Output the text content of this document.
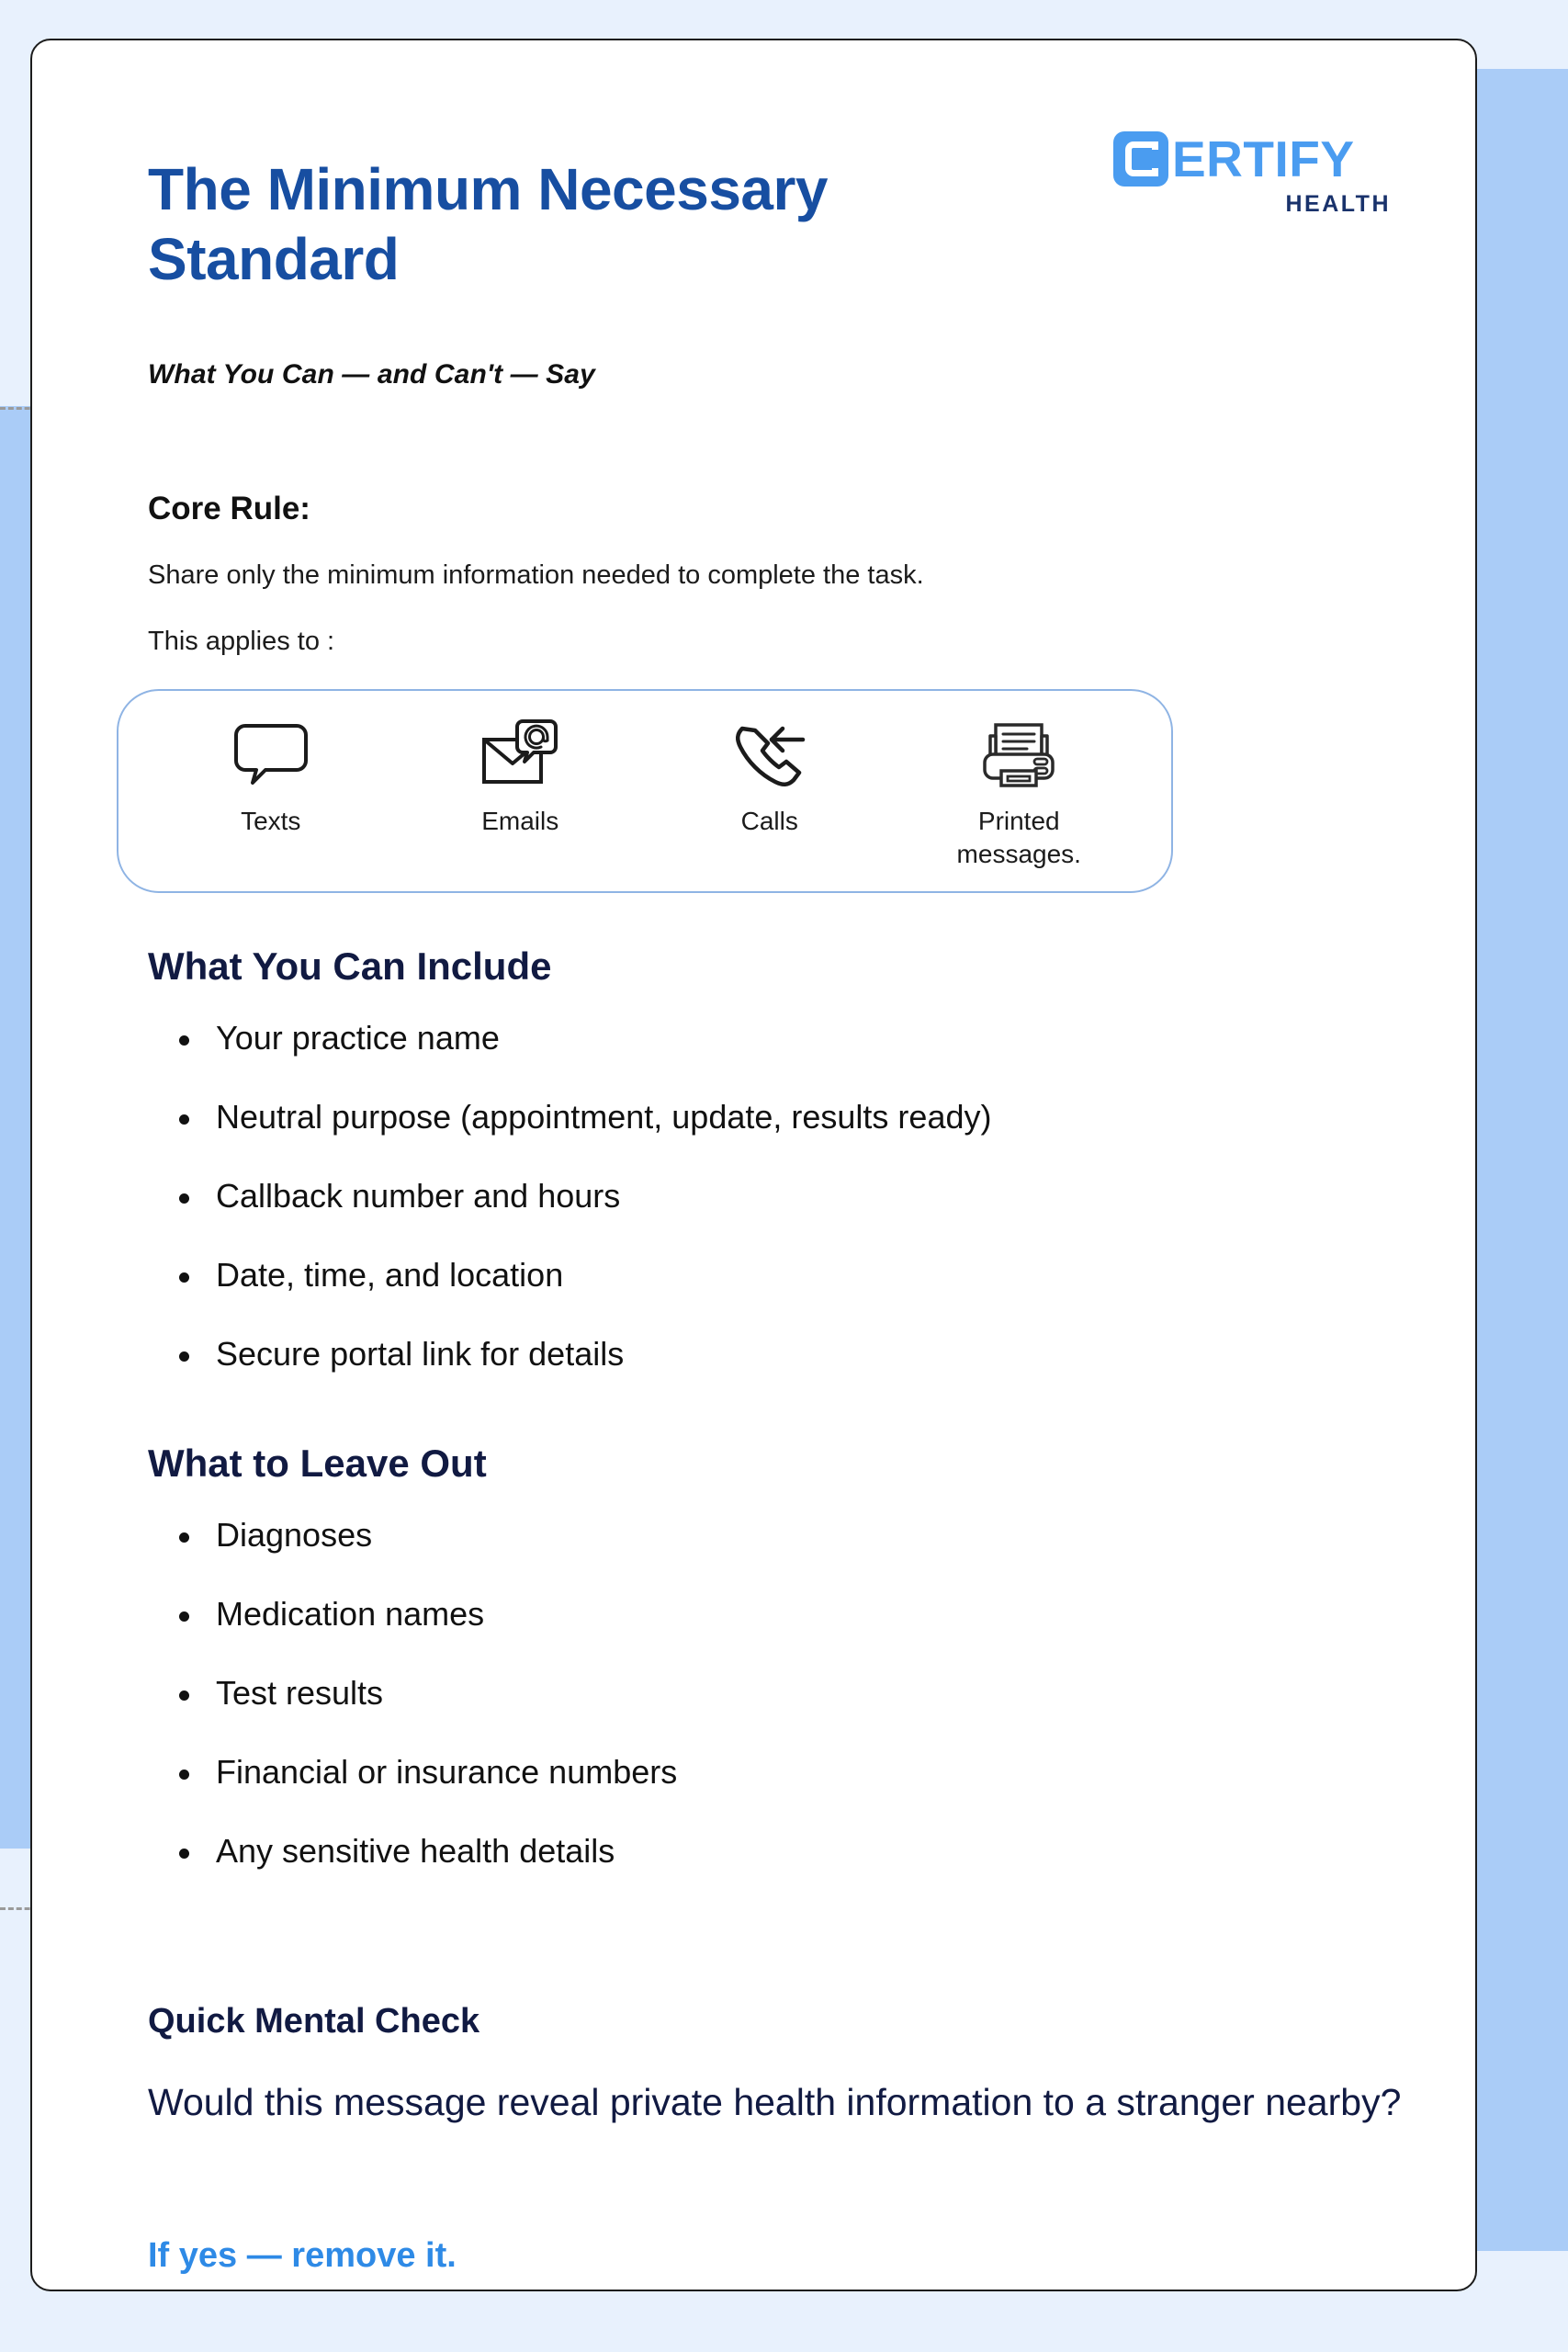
The Minimum Necessary Standard
What You Can — and Can't — Say
ERTIFY
HEALTH
Core Rule:
Share only the minimum information needed to complete the task.
This applies to :
Texts	Emails	Calls	Printed messages.
What You Can Include
Your practice name
Neutral purpose (appointment, update, results ready)
Callback number and hours
Date, time, and location
Secure portal link for details
What to Leave Out
Diagnoses
Medication names
Test results
Financial or insurance numbers
Any sensitive health details
Quick Mental Check
Would this message reveal private health information to a stranger nearby?
If yes — remove it.
